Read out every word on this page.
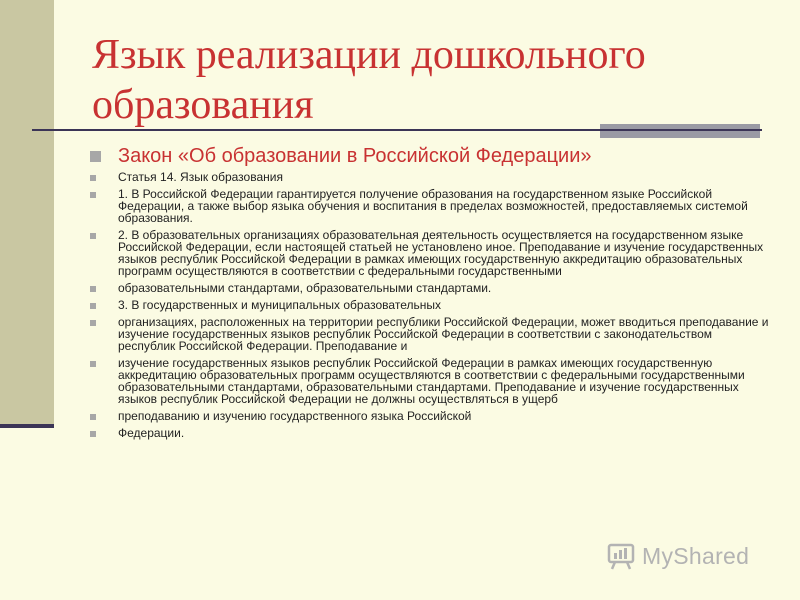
Язык реализации дошкольного образования
Закон «Об образовании в Российской Федерации»
Статья 14. Язык образования
1. В Российской Федерации гарантируется получение образования на государственном языке Российской Федерации, а также выбор языка обучения и воспитания в пределах возможностей, предоставляемых системой образования.
2. В образовательных организациях образовательная деятельность осуществляется на государственном языке Российской Федерации, если настоящей статьей не установлено иное. Преподавание и изучение государственных языков республик Российской Федерации в рамках имеющих государственную аккредитацию образовательных программ осуществляются в соответствии с федеральными государственными
образовательными стандартами, образовательными стандартами.
3. В государственных и муниципальных образовательных
организациях, расположенных на территории республики Российской Федерации, может вводиться преподавание и изучение государственных языков республик Российской Федерации в соответствии с законодательством республик Российской Федерации. Преподавание и
изучение государственных языков республик Российской Федерации в рамках имеющих государственную аккредитацию образовательных программ осуществляются в соответствии с федеральными государственными образовательными стандартами, образовательными стандартами. Преподавание и изучение государственных языков республик Российской Федерации не должны осуществляться в ущерб
преподаванию и изучению государственного языка Российской
Федерации.
MyShared
